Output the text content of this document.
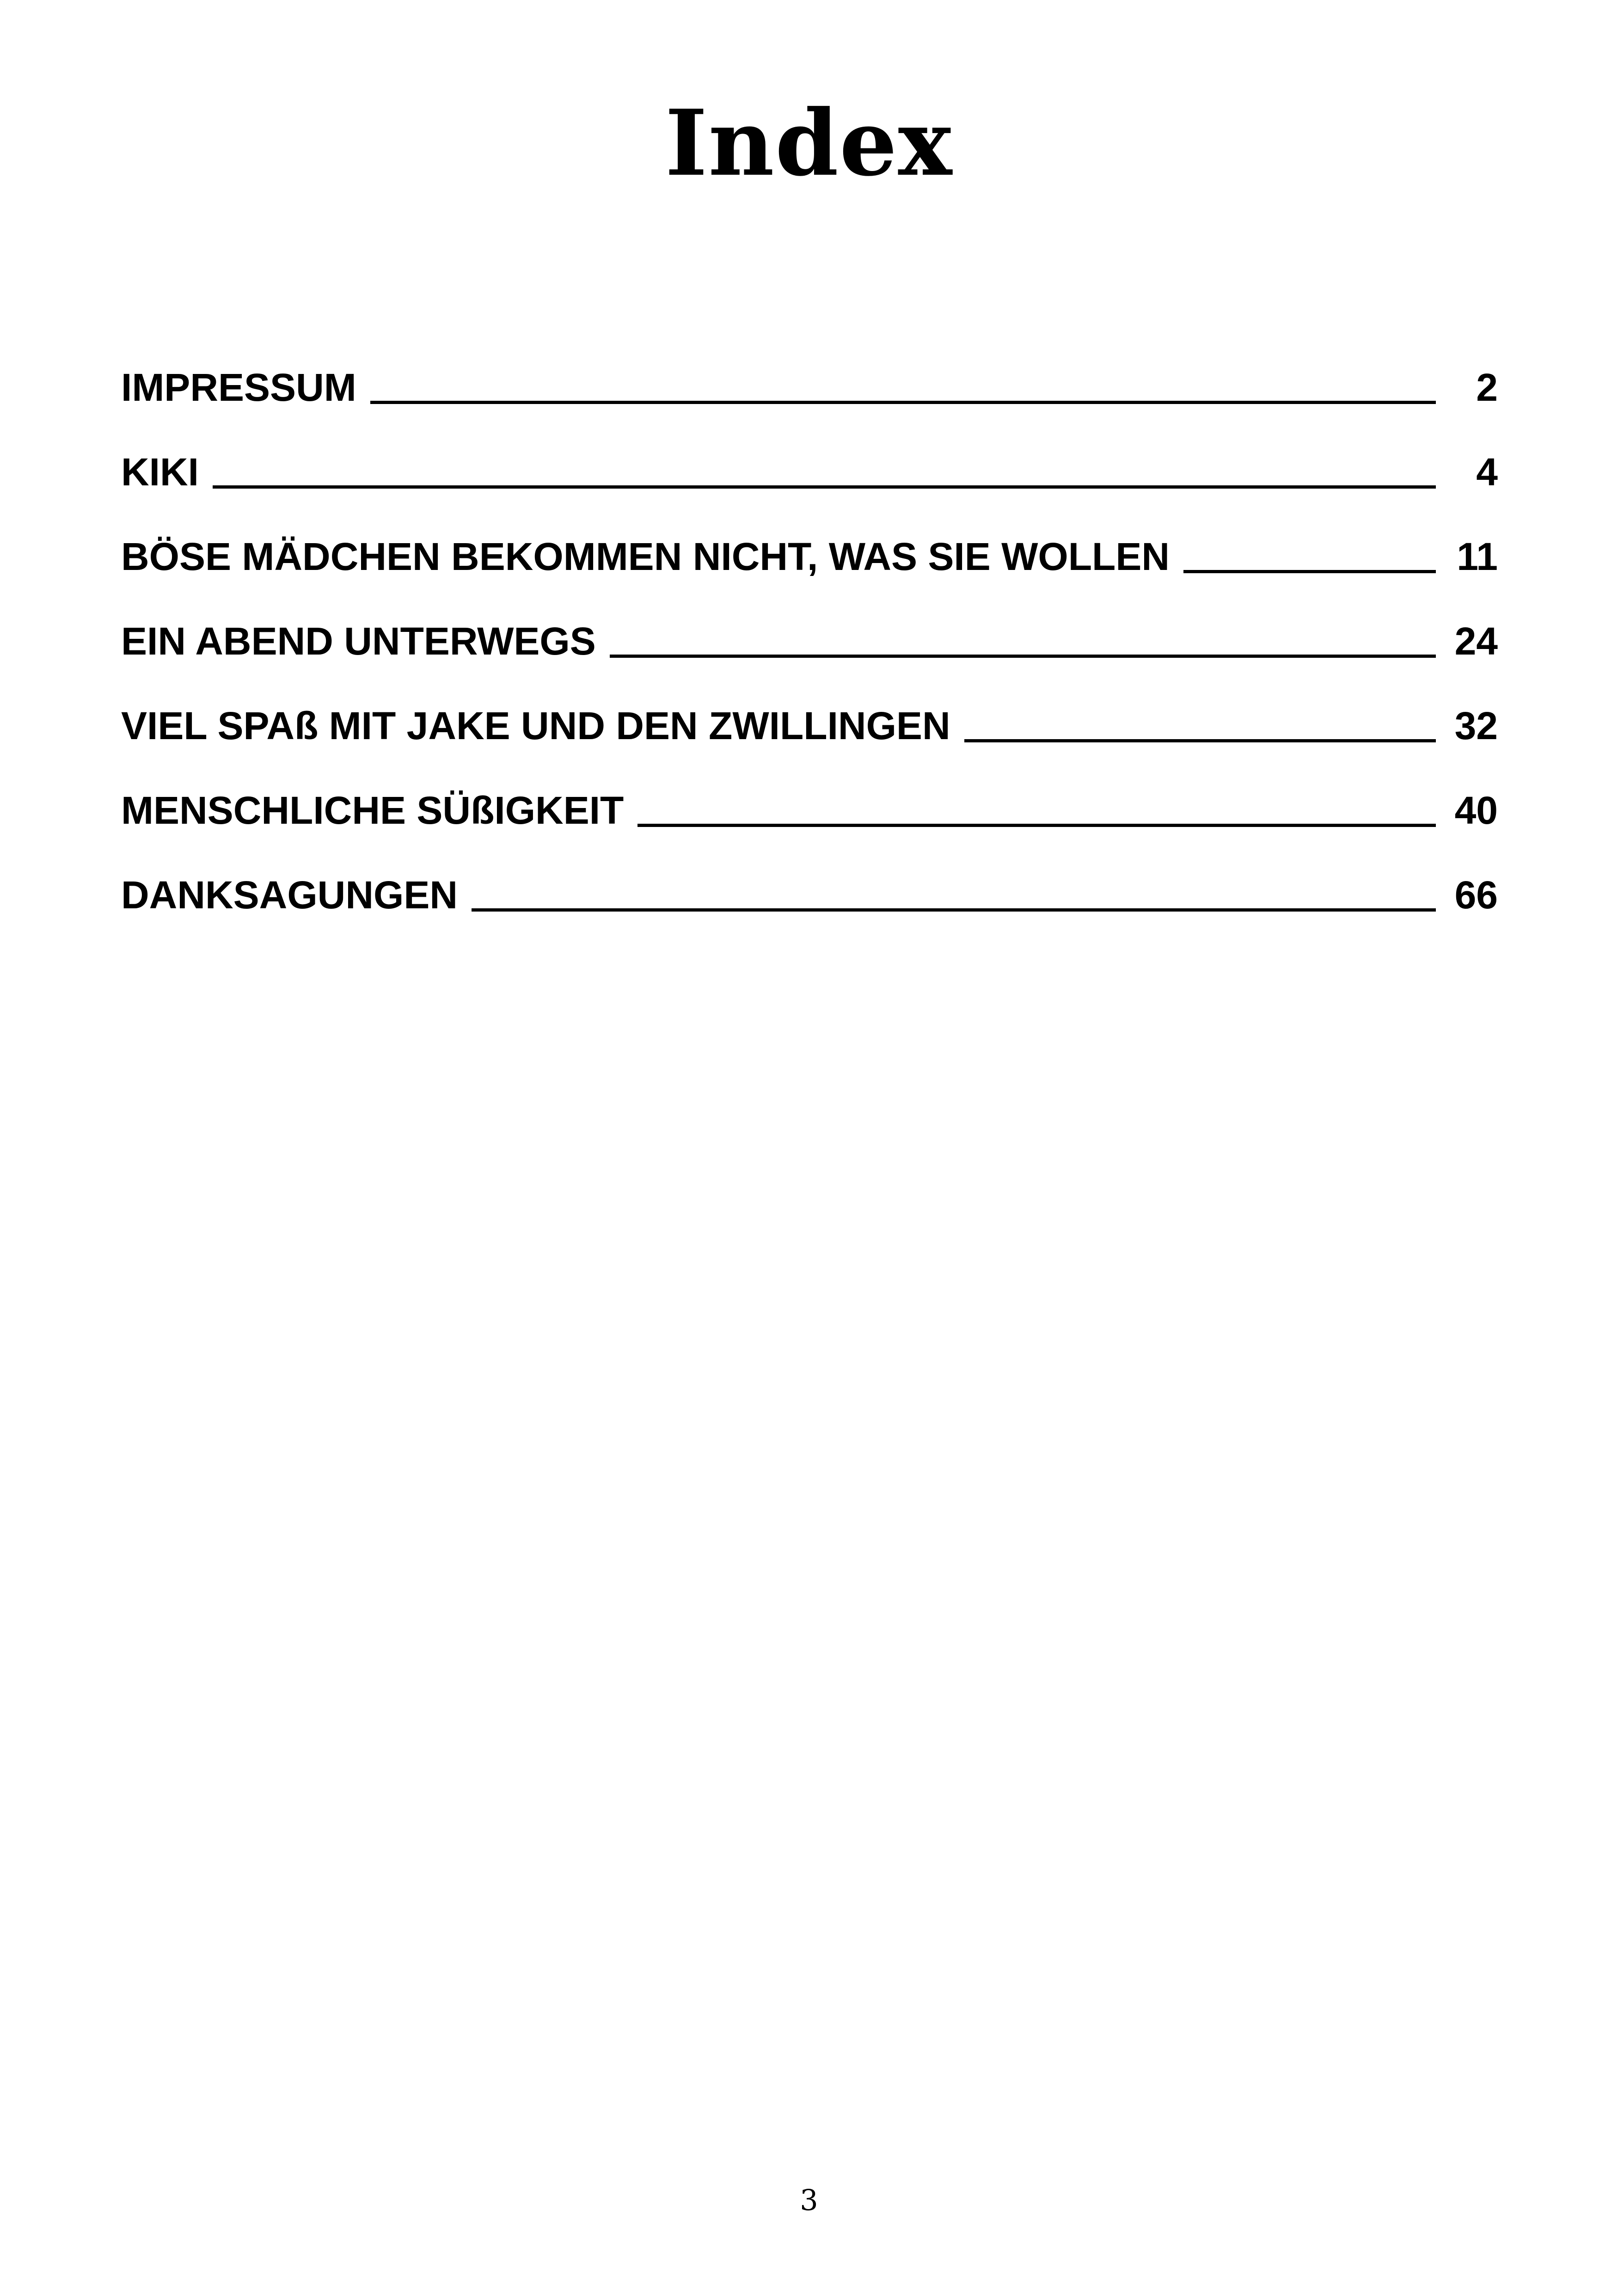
Index
IMPRESSUM	2
KIKI	4
BÖSE MÄDCHEN BEKOMMEN NICHT, WAS SIE WOLLEN	11
EIN ABEND UNTERWEGS	24
VIEL SPAß MIT JAKE UND DEN ZWILLINGEN	32
MENSCHLICHE SÜßIGKEIT	40
DANKSAGUNGEN	66
3
